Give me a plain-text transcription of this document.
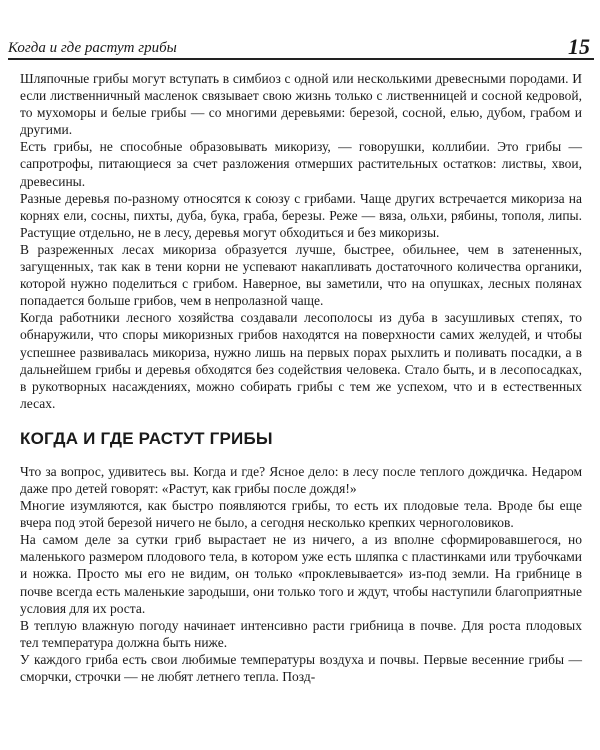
Когда и где растут грибы	15

Шляпочные грибы могут вступать в симбиоз с одной или несколькими древесными породами. И если лиственничный масленок связывает свою жизнь только с лиственницей и сосной кедровой, то мухоморы и белые грибы — со многими деревьями: березой, сосной, елью, дубом, грабом и другими.

Есть грибы, не способные образовывать микоризу, — говорушки, коллибии. Это грибы — сапротрофы, питающиеся за счет разложения отмерших растительных остатков: листвы, хвои, древесины.

Разные деревья по-разному относятся к союзу с грибами. Чаще других встречается микориза на корнях ели, сосны, пихты, дуба, бука, граба, березы. Реже — вяза, ольхи, рябины, тополя, липы. Растущие отдельно, не в лесу, деревья могут обходиться и без микоризы.

В разреженных лесах микориза образуется лучше, быстрее, обильнее, чем в затененных, загущенных, так как в тени корни не успевают накапливать достаточного количества органики, которой нужно поделиться с грибом. Наверное, вы заметили, что на опушках, лесных полянах попадается больше грибов, чем в непролазной чаще.

Когда работники лесного хозяйства создавали лесополосы из дуба в засушливых степях, то обнаружили, что споры микоризных грибов находятся на поверхности самих желудей, и чтобы успешнее развивалась микориза, нужно лишь на первых порах рыхлить и поливать посадки, а в дальнейшем грибы и деревья обходятся без содействия человека. Стало быть, и в лесопосадках, в рукотворных насаждениях, можно собирать грибы с тем же успехом, что и в естественных лесах.

КОГДА И ГДЕ РАСТУТ ГРИБЫ

Что за вопрос, удивитесь вы. Когда и где? Ясное дело: в лесу после теплого дождичка. Недаром даже про детей говорят: «Растут, как грибы после дождя!»

Многие изумляются, как быстро появляются грибы, то есть их плодовые тела. Вроде бы еще вчера под этой березой ничего не было, а сегодня несколько крепких черноголовиков.

На самом деле за сутки гриб вырастает не из ничего, а из вполне сформировавшегося, но маленького размером плодового тела, в котором уже есть шляпка с пластинками или трубочками и ножка. Просто мы его не видим, он только «проклевывается» из-под земли. На грибнице в почве всегда есть маленькие зародыши, они только того и ждут, чтобы наступили благоприятные условия для их роста.

В теплую влажную погоду начинает интенсивно расти грибница в почве. Для роста плодовых тел температура должна быть ниже.

У каждого гриба есть свои любимые температуры воздуха и почвы. Первые весенние грибы — сморчки, строчки — не любят летнего тепла. Позд-
